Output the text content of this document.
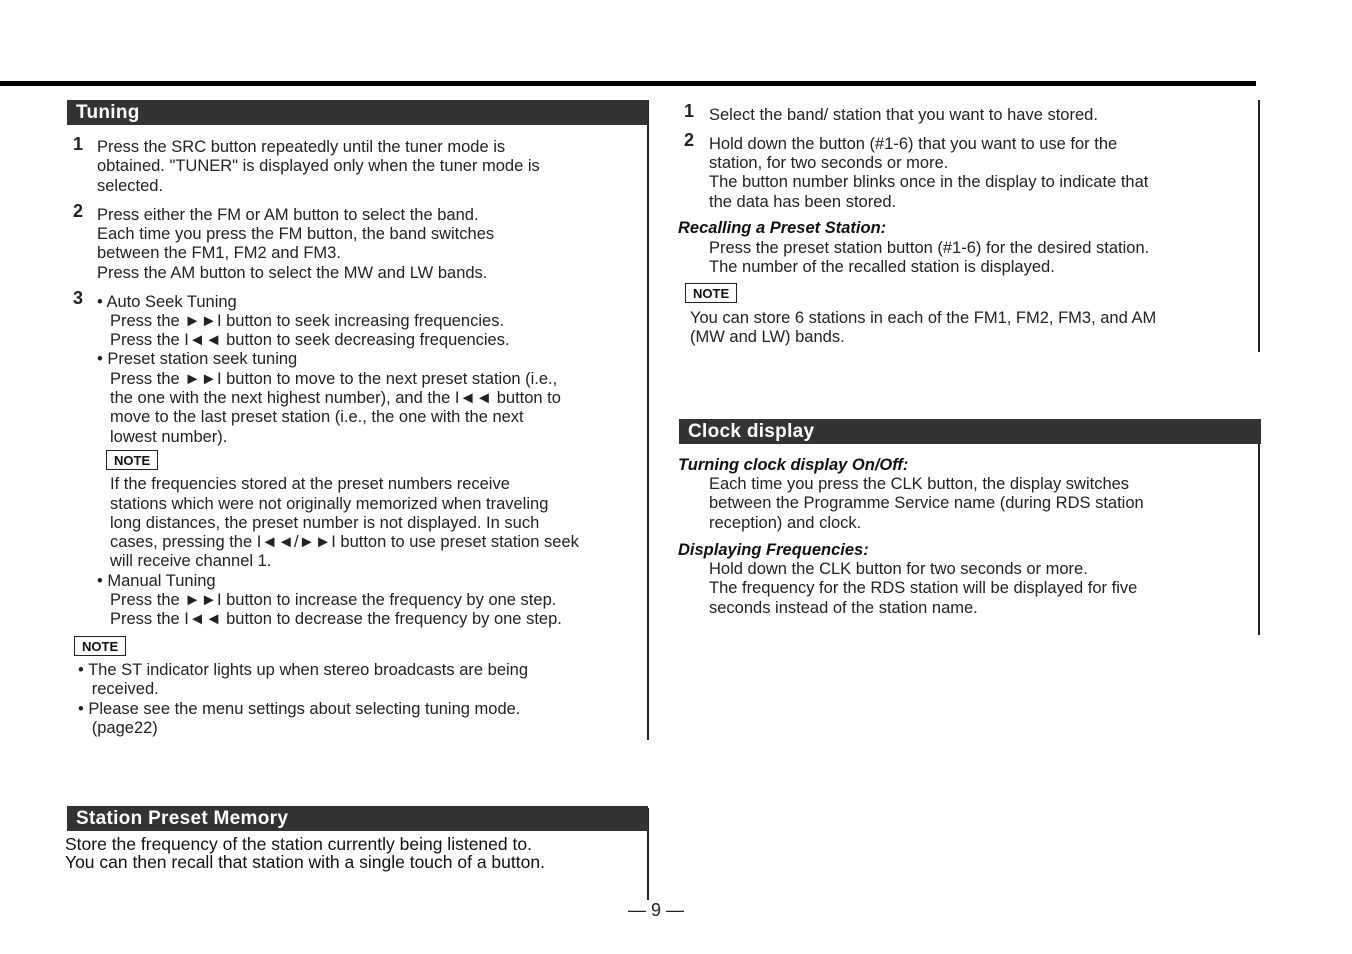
Tuning
1 Press the SRC button repeatedly until the tuner mode is
obtained. "TUNER" is displayed only when the tuner mode is
selected.
2 Press either the FM or AM button to select the band.
Each time you press the FM button, the band switches
between the FM1, FM2 and FM3.
Press the AM button to select the MW and LW bands.
3 • Auto Seek Tuning
Press the ►►I button to seek increasing frequencies.
Press the I◄◄ button to seek decreasing frequencies.
• Preset station seek tuning
Press the ►►I button to move to the next preset station (i.e.,
the one with the next highest number), and the I◄◄ button to
move to the last preset station (i.e., the one with the next
lowest number).
NOTE
If the frequencies stored at the preset numbers receive
stations which were not originally memorized when traveling
long distances, the preset number is not displayed. In such
cases, pressing the I◄◄/►►I button to use preset station seek
will receive channel 1.
• Manual Tuning
Press the ►►I button to increase the frequency by one step.
Press the I◄◄ button to decrease the frequency by one step.
NOTE
• The ST indicator lights up when stereo broadcasts are being
received.
• Please see the menu settings about selecting tuning mode.
(page22)
Station Preset Memory
Store the frequency of the station currently being listened to.
You can then recall that station with a single touch of a button.
1 Select the band/ station that you want to have stored.
2 Hold down the button (#1-6) that you want to use for the
station, for two seconds or more.
The button number blinks once in the display to indicate that
the data has been stored.
Recalling a Preset Station:
Press the preset station button (#1-6) for the desired station.
The number of the recalled station is displayed.
NOTE
You can store 6 stations in each of the FM1, FM2, FM3, and AM
(MW and LW) bands.
Clock display
Turning clock display On/Off:
Each time you press the CLK button, the display switches
between the Programme Service name (during RDS station
reception) and clock.
Displaying Frequencies:
Hold down the CLK button for two seconds or more.
The frequency for the RDS station will be displayed for five
seconds instead of the station name.
— 9 —
